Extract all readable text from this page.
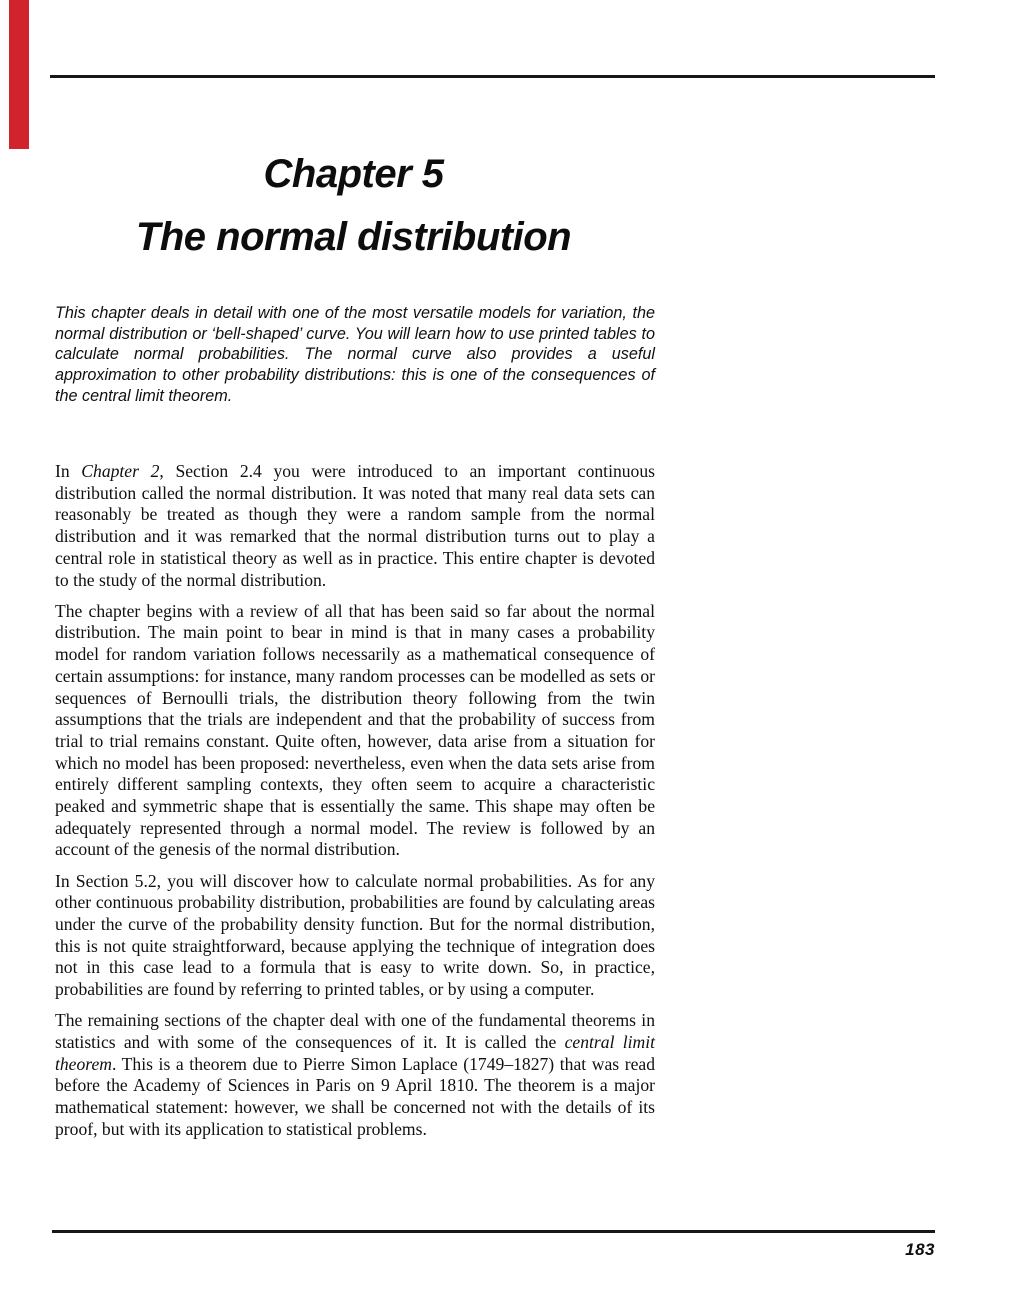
Chapter 5
The normal distribution
This chapter deals in detail with one of the most versatile models for variation, the normal distribution or ‘bell-shaped’ curve. You will learn how to use printed tables to calculate normal probabilities. The normal curve also provides a useful approximation to other probability distributions: this is one of the consequences of the central limit theorem.

In Chapter 2, Section 2.4 you were introduced to an important continuous distribution called the normal distribution. It was noted that many real data sets can reasonably be treated as though they were a random sample from the normal distribution and it was remarked that the normal distribution turns out to play a central role in statistical theory as well as in practice. This entire chapter is devoted to the study of the normal distribution.

The chapter begins with a review of all that has been said so far about the normal distribution. The main point to bear in mind is that in many cases a probability model for random variation follows necessarily as a mathematical consequence of certain assumptions: for instance, many random processes can be modelled as sets or sequences of Bernoulli trials, the distribution theory following from the twin assumptions that the trials are independent and that the probability of success from trial to trial remains constant. Quite often, however, data arise from a situation for which no model has been proposed: nevertheless, even when the data sets arise from entirely different sampling contexts, they often seem to acquire a characteristic peaked and symmetric shape that is essentially the same. This shape may often be adequately represented through a normal model. The review is followed by an account of the genesis of the normal distribution.

In Section 5.2, you will discover how to calculate normal probabilities. As for any other continuous probability distribution, probabilities are found by calculating areas under the curve of the probability density function. But for the normal distribution, this is not quite straightforward, because applying the technique of integration does not in this case lead to a formula that is easy to write down. So, in practice, probabilities are found by referring to printed tables, or by using a computer.

The remaining sections of the chapter deal with one of the fundamental theorems in statistics and with some of the consequences of it. It is called the central limit theorem. This is a theorem due to Pierre Simon Laplace (1749–1827) that was read before the Academy of Sciences in Paris on 9 April 1810. The theorem is a major mathematical statement: however, we shall be concerned not with the details of its proof, but with its application to statistical problems.

183
